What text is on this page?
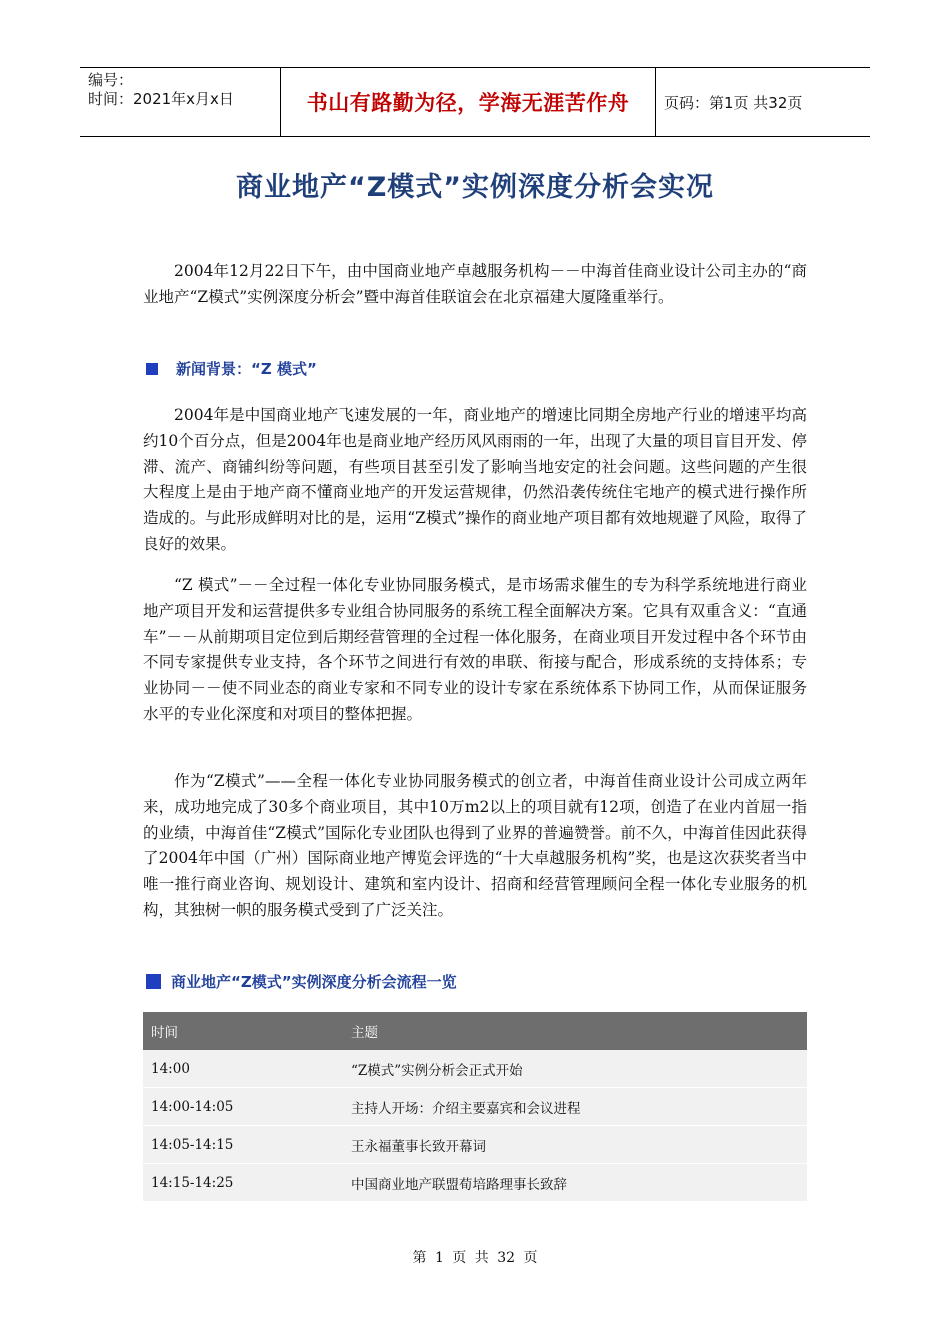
编号：
时间：2021年x月x日	书山有路勤为径，学海无涯苦作舟 页码：第1页 共32页
商业地产“Z模式”实例深度分析会实况

2004年12月22日下午，由中国商业地产卓越服务机构－－中海首佳商业设计公司主办的“商业地产“Z模式”实例深度分析会”暨中海首佳联谊会在北京福建大厦隆重举行。

新闻背景：“Z 模式”

2004年是中国商业地产飞速发展的一年，商业地产的增速比同期全房地产行业的增速平均高约10个百分点，但是2004年也是商业地产经历风风雨雨的一年，出现了大量的项目盲目开发、停滞、流产、商铺纠纷等问题，有些项目甚至引发了影响当地安定的社会问题。这些问题的产生很大程度上是由于地产商不懂商业地产的开发运营规律，仍然沿袭传统住宅地产的模式进行操作所造成的。与此形成鲜明对比的是，运用“Z模式”操作的商业地产项目都有效地规避了风险，取得了良好的效果。

“Z 模式”－－全过程一体化专业协同服务模式，是市场需求催生的专为科学系统地进行商业地产项目开发和运营提供多专业组合协同服务的系统工程全面解决方案。它具有双重含义：“直通车”－－从前期项目定位到后期经营管理的全过程一体化服务，在商业项目开发过程中各个环节由不同专家提供专业支持，各个环节之间进行有效的串联、衔接与配合，形成系统的支持体系；专业协同－－使不同业态的商业专家和不同专业的设计专家在系统体系下协同工作，从而保证服务水平的专业化深度和对项目的整体把握。

作为“Z模式”——全程一体化专业协同服务模式的创立者，中海首佳商业设计公司成立两年来，成功地完成了30多个商业项目，其中10万m2以上的项目就有12项，创造了在业内首屈一指的业绩，中海首佳“Z模式”国际化专业团队也得到了业界的普遍赞誉。前不久，中海首佳因此获得了2004年中国（广州）国际商业地产博览会评选的“十大卓越服务机构”奖，也是这次获奖者当中唯一推行商业咨询、规划设计、建筑和室内设计、招商和经营管理顾问全程一体化专业服务的机构，其独树一帜的服务模式受到了广泛关注。

商业地产“Z模式”实例深度分析会流程一览
时间	主题
14:00	“Z模式”实例分析会正式开始
14:00-14:05	主持人开场：介绍主要嘉宾和会议进程
14:05-14:15	王永福董事长致开幕词
14:15-14:25	中国商业地产联盟荀培路理事长致辞
第 1 页 共 32 页
